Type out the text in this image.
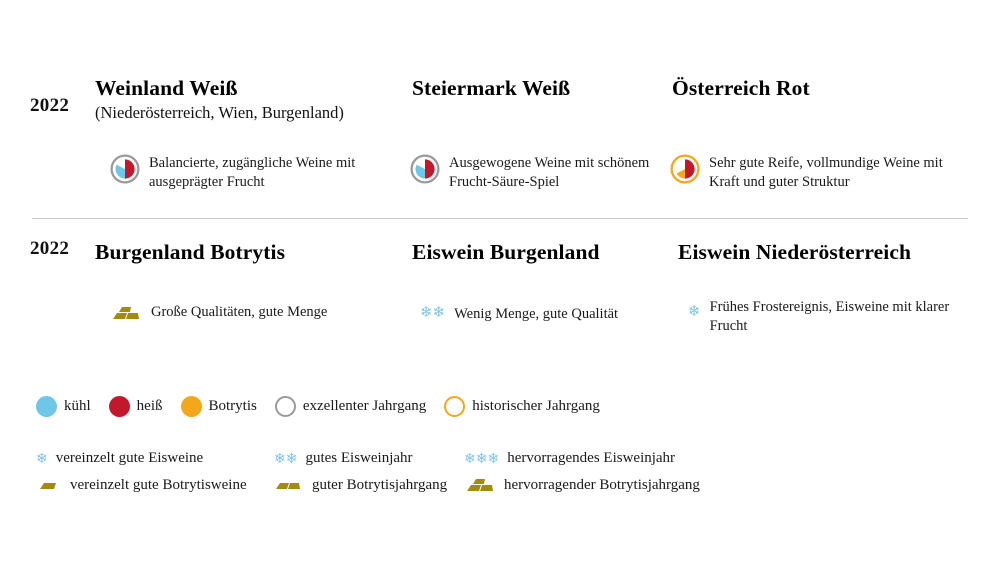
2022
Weinland Weiß
(Niederösterreich, Wien, Burgenland)
Balancierte, zugängliche Weine mit ausgeprägter Frucht
Steiermark Weiß
Ausgewogene Weine mit schönem Frucht-Säure-Spiel
Österreich Rot
Sehr gute Reife, vollmundige Weine mit Kraft und guter Struktur
2022 Burgenland Botrytis
Große Qualitäten, gute Menge
Eiswein Burgenland
❄❄ Wenig Menge, gute Qualität
Eiswein Niederösterreich
❄ Frühes Frostereignis, Eisweine mit klarer Frucht
kühl	heiß	Botrytis	exzellenter Jahrgang	historischer Jahrgang
❄ vereinzelt gute Eisweine	❄❄ gutes Eisweinjahr	❄❄❄ hervorragendes Eisweinjahr
vereinzelt gute Botrytisweine	guter Botrytisjahrgang	hervorragender Botrytisjahrgang
